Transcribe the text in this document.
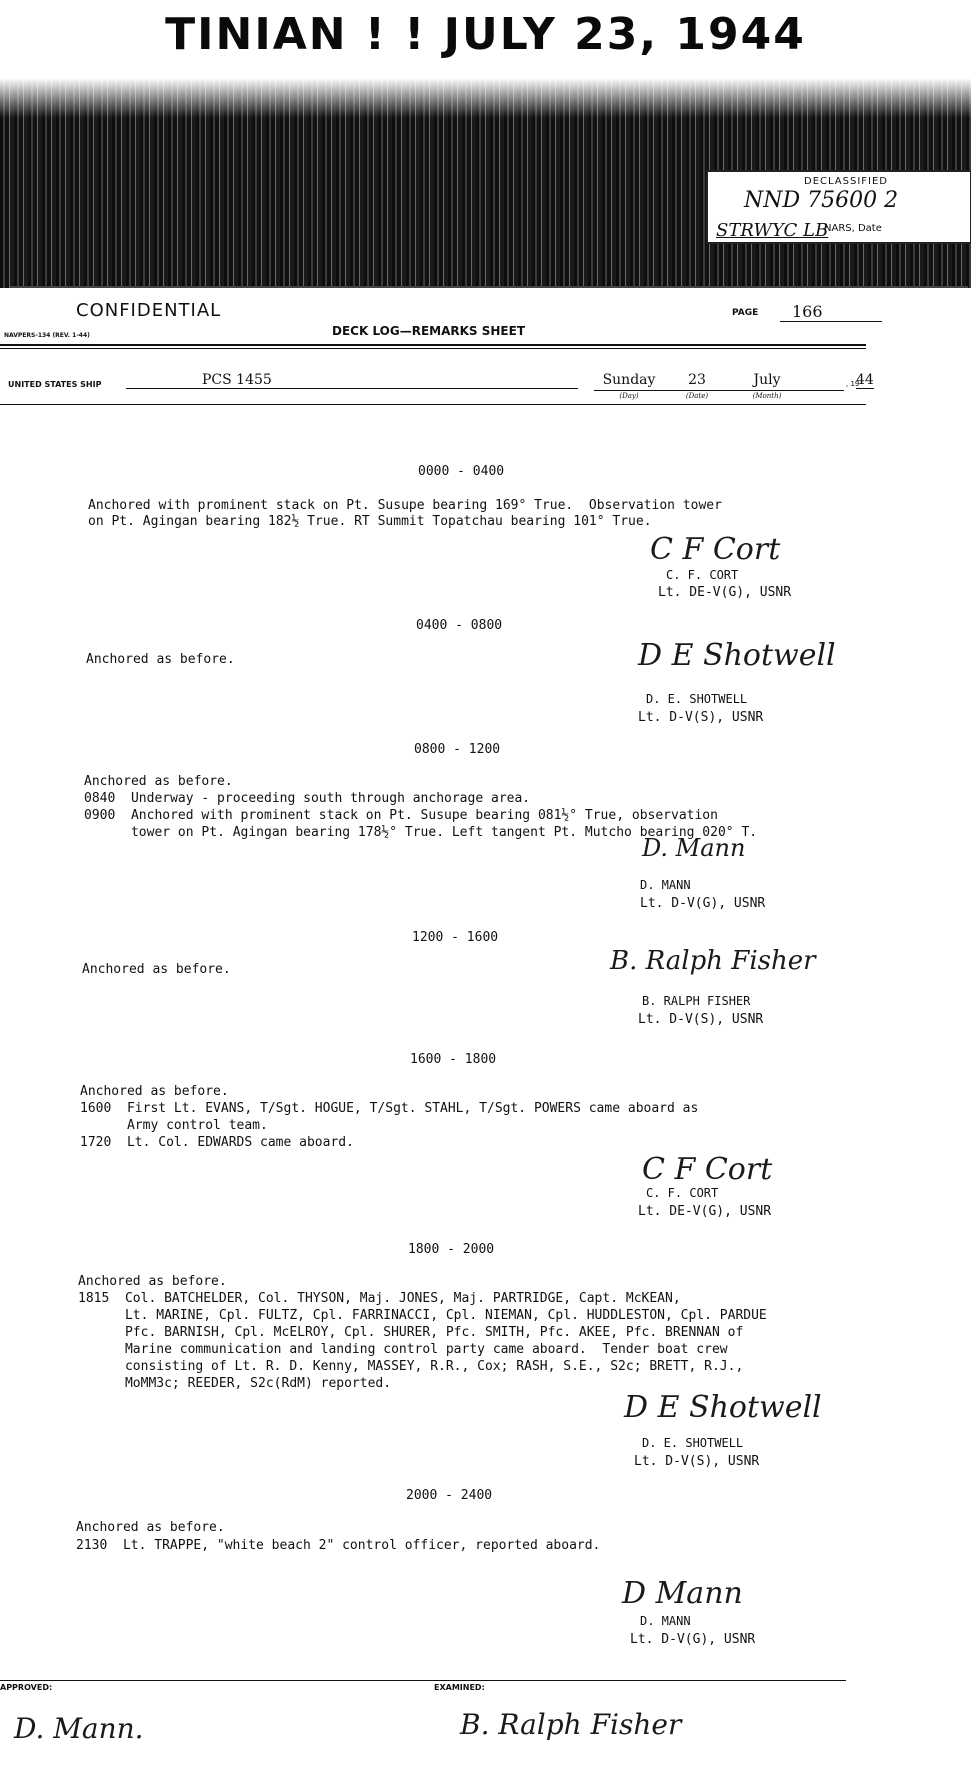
TINIAN ! ! JULY 23, 1944
DECLASSIFIED
NND 75600 2
STRWYC LB
NARS, Date
CONFIDENTIAL
NAVPERS-134 (REV. 1-44)
PAGE	166
DECK LOG—REMARKS SHEET
UNITED STATES SHIP	PCS 1455	Sunday
(Day)
23
(Date)
July
(Month)
, 19
44
0000 - 0400
Anchored with prominent stack on Pt. Susupe bearing 169° True.  Observation tower
on Pt. Agingan bearing 182½ True. RT Summit Topatchau bearing 101° True.
C F Cort
C. F. CORT
Lt. DE-V(G), USNR
0400 - 0800
Anchored as before.	D E Shotwell
D. E. SHOTWELL
Lt. D-V(S), USNR
0800 - 1200
Anchored as before.
0840  Underway - proceeding south through anchorage area.
0900  Anchored with prominent stack on Pt. Susupe bearing 081½° True, observation
tower on Pt. Agingan bearing 178½° True. Left tangent Pt. Mutcho bearing 020° T.
D. Mann
D. MANN
Lt. D-V(G), USNR
1200 - 1600
Anchored as before.	B. Ralph Fisher
B. RALPH FISHER
Lt. D-V(S), USNR
1600 - 1800
Anchored as before.
1600  First Lt. EVANS, T/Sgt. HOGUE, T/Sgt. STAHL, T/Sgt. POWERS came aboard as
Army control team.
1720  Lt. Col. EDWARDS came aboard.
C F Cort
C. F. CORT
Lt. DE-V(G), USNR
1800 - 2000
Anchored as before.
1815  Col. BATCHELDER, Col. THYSON, Maj. JONES, Maj. PARTRIDGE, Capt. McKEAN,
Lt. MARINE, Cpl. FULTZ, Cpl. FARRINACCI, Cpl. NIEMAN, Cpl. HUDDLESTON, Cpl. PARDUE
Pfc. BARNISH, Cpl. McELROY, Cpl. SHURER, Pfc. SMITH, Pfc. AKEE, Pfc. BRENNAN of
Marine communication and landing control party came aboard.  Tender boat crew
consisting of Lt. R. D. Kenny, MASSEY, R.R., Cox; RASH, S.E., S2c; BRETT, R.J.,
MoMM3c; REEDER, S2c(RdM) reported.
D E Shotwell
D. E. SHOTWELL
Lt. D-V(S), USNR
2000 - 2400
Anchored as before.
2130  Lt. TRAPPE, "white beach 2" control officer, reported aboard.
D Mann
D. MANN
Lt. D-V(G), USNR
APPROVED:	EXAMINED:
D. Mann.	B. Ralph Fisher
